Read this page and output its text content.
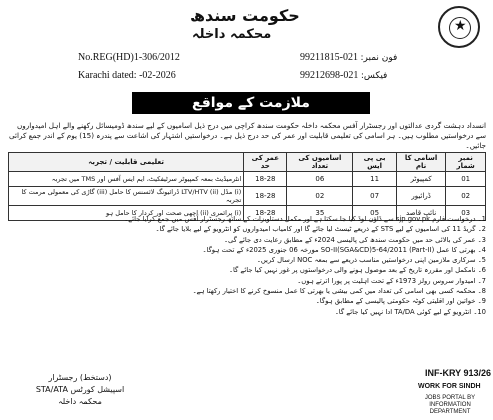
★
حکومت سندھ
محکمہ داخلہ
No.REG(HD)1-306/2012	فون نمبر: 021-99211815
فیکس: 021-99212698
Karachi dated: -02-2026
ملازمت کے مواقع
انسداد دہشت گردی عدالتوں اور رجسٹرار آفس محکمہ داخلہ حکومت سندھ کراچی میں درج ذیل اسامیوں کے لیے سندھ ڈومیسائل رکھنے والے اہل امیدواروں سے درخواستیں مطلوب ہیں۔ ہر اسامی کی تعلیمی قابلیت اور عمر کی حد درج ذیل ہے۔ درخواستیں اشتہار کی اشاعت سے پندرہ (15) یوم کے اندر جمع کرائی جائیں۔
نمبر شمار	اسامی کا نام	بی پی ایس	اسامیوں کی تعداد	عمر کی حد	تعلیمی قابلیت / تجربہ
01	کمپیوٹر	11	06	18-28	انٹرمیڈیٹ بمعہ کمپیوٹر سرٹیفکیٹ، ایم ایس آفس اور TMS میں تجربہ
02	ڈرائیور	07	02	18-28	(i) مڈل (ii) LTV/HTV ڈرائیونگ لائسنس کا حامل (iii) گاڑی کی معمولی مرمت کا تجربہ
03	نائب قاصد	05	35	18-28	(i) پرائمری (ii) اچھی صحت اور کردار کا حامل ہو
1۔ درخواست فارم sjp.gov.pk سے ڈاؤن لوڈ کیا جا سکتا ہے اور مکمل دستاویزات کے ساتھ رجسٹرار آفس میں جمع کرایا جائے۔
2۔ گریڈ 11 کی اسامیوں کے لیے STS کے ذریعے ٹیسٹ لیا جائے گا اور کامیاب امیدواروں کو انٹرویو کے لیے بلایا جائے گا۔
3۔ عمر کی بالائی حد میں حکومت سندھ کی پالیسی 2024ء کے مطابق رعایت دی جائے گی۔
4۔ بھرتی کا عمل SO-II(SGA&CD)5-64/2011 (Part-II) مورخہ 06 جنوری 2025ء کے تحت ہوگا۔
5۔ سرکاری ملازمین اپنی درخواستیں مناسب ذریعے سے بمعہ NOC ارسال کریں۔
6۔ نامکمل اور مقررہ تاریخ کے بعد موصول ہونے والی درخواستوں پر غور نہیں کیا جائے گا۔
7۔ امیدوار سروس رولز 1973ء کے تحت اہلیت پر پورا اترتے ہوں۔
8۔ محکمہ کسی بھی اسامی کی تعداد میں کمی بیشی یا بھرتی کا عمل منسوخ کرنے کا اختیار رکھتا ہے۔
9۔ خواتین اور اقلیتی کوٹہ حکومتی پالیسی کے مطابق ہوگا۔
10۔ انٹرویو کے لیے کوئی TA/DA ادا نہیں کیا جائے گا۔
(دستخط) رجسٹرار
اسپیشل کورٹس STA/ATA
محکمہ داخلہ
INF-KRY 913/26
WORK FOR SINDH
JOBS PORTAL BY INFORMATION DEPARTMENT
